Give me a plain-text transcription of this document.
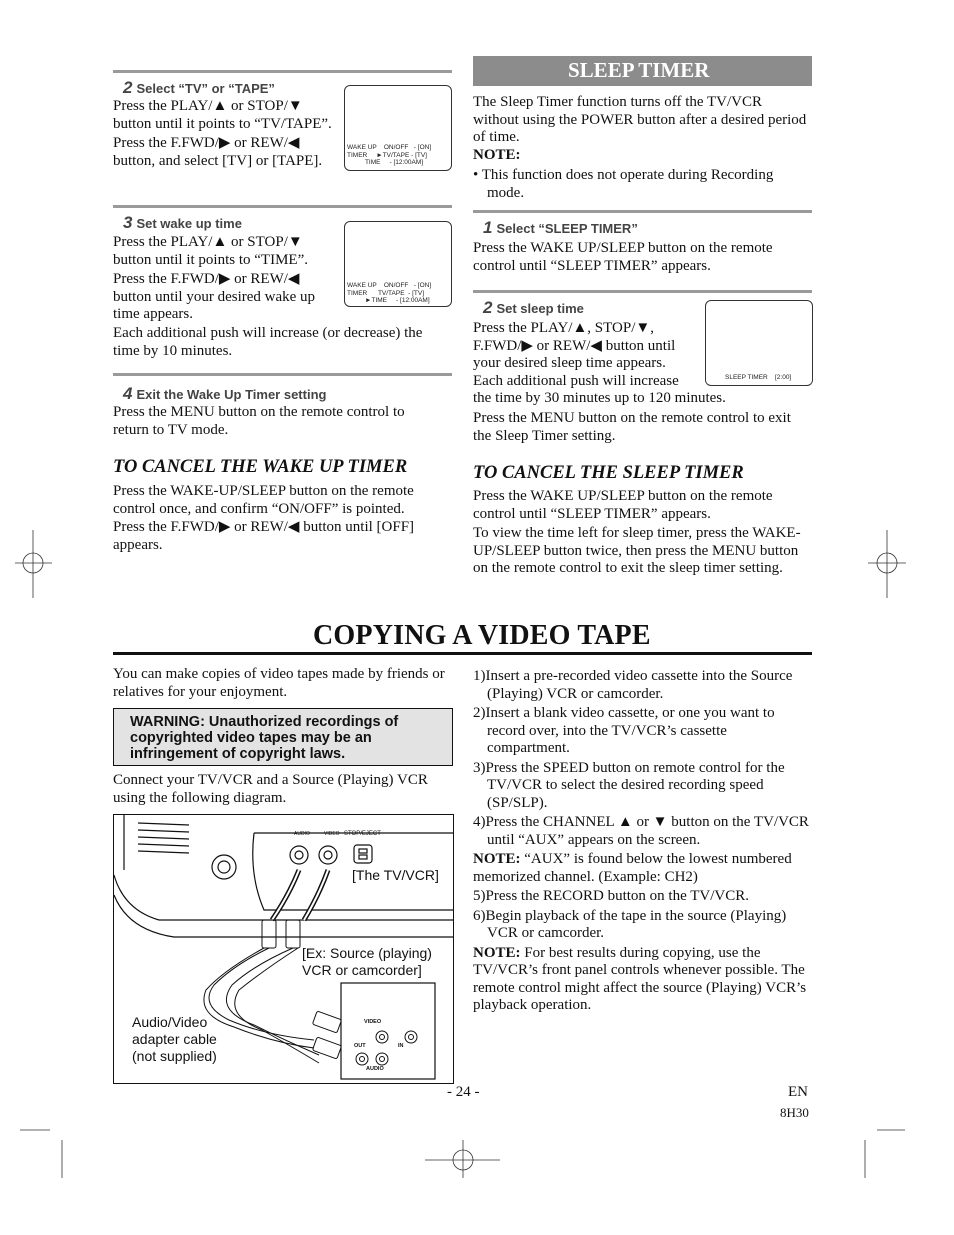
2 Select “TV” or “TAPE”

Press the PLAY/▲ or STOP/▼ button until it points to “TV/TAPE”.

Press the F.FWD/▶ or REW/◀ button, and select [TV] or [TAPE].

WAKE UP    ON/OFF   ‑ [ON]
TIMER     ►TV/TAPE ‑ [TV]
TIME     ‑ [12:00AM]
3 Set wake up time

Press the PLAY/▲ or STOP/▼ button until it points to “TIME”.

Press the F.FWD/▶ or REW/◀ button until your desired wake up time appears.

Each additional push will increase (or decrease) the time by 10 minutes.

WAKE UP    ON/OFF   ‑ [ON]
TIMER      TV/TAPE  ‑ [TV]
►TIME     ‑ [12:00AM]
4 Exit the Wake Up Timer setting

Press the MENU button on the remote control to return to TV mode.

TO CANCEL THE WAKE UP TIMER

Press the WAKE-UP/SLEEP button on the remote control once, and confirm “ON/OFF” is pointed.

Press the F.FWD/▶ or REW/◀ button until [OFF] appears.

SLEEP TIMER

The Sleep Timer function turns off the TV/VCR without using the POWER button after a desired period of time.

NOTE:

• This function does not operate during Recording mode.

1 Select “SLEEP TIMER”

Press the WAKE UP/SLEEP button on the remote control until “SLEEP TIMER” appears.

2 Set sleep time

Press the PLAY/▲, STOP/▼, F.FWD/▶ or REW/◀ button until your desired sleep time appears.

Each additional push will increase

the time by 30 minutes up to 120 minutes.

Press the MENU button on the remote control to exit the Sleep Timer setting.

SLEEP TIMER    [2:00]
TO CANCEL THE SLEEP TIMER

Press the WAKE UP/SLEEP button on the remote control until “SLEEP TIMER” appears.

To view the time left for sleep timer, press the WAKE-UP/SLEEP button twice, then press the MENU button on the remote control to exit the sleep timer setting.

COPYING A VIDEO TAPE

You can make copies of video tapes made by friends or relatives for your enjoyment.

WARNING: Unauthorized recordings of copyrighted video tapes may be an infringement of copyright laws.

Connect your TV/VCR and a Source (Playing) VCR using the following diagram.

AUDIO	VIDEO STOP/EJECT
[The TV/VCR]
[Ex: Source (playing) VCR or camcorder]
Audio/Video adapter cable (not supplied)
VIDEO
OUT	IN
AUDIO

1)Insert a pre-recorded video cassette into the Source (Playing) VCR or camcorder.

2)Insert a blank video cassette, or one you want to record over, into the TV/VCR’s cassette compartment.

3)Press the SPEED button on remote control for the TV/VCR to select the desired recording speed (SP/SLP).

4)Press the CHANNEL ▲ or ▼ button on the TV/VCR until “AUX” appears on the screen.

NOTE: “AUX” is found below the lowest numbered memorized channel. (Example: CH2)

5)Press the RECORD button on the TV/VCR.

6)Begin playback of the tape in the source (Playing) VCR or camcorder.

NOTE: For best results during copying, use the TV/VCR’s front panel controls whenever possible. The remote control might affect the source (Playing) VCR’s playback operation.

- 24 -	EN
8H30
